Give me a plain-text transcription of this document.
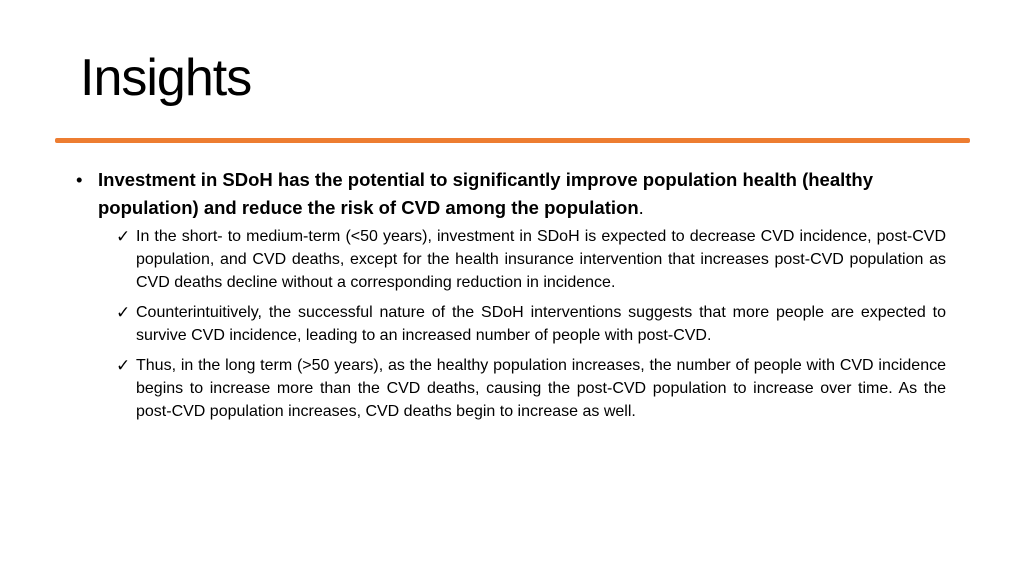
Insights
• Investment in SDoH has the potential to significantly improve population health (healthy population) and reduce the risk of CVD among the population.
✓ In the short- to medium-term (<50 years), investment in SDoH is expected to decrease CVD incidence, post-CVD population, and CVD deaths, except for the health insurance intervention that increases post-CVD population as CVD deaths decline without a corresponding reduction in incidence.
✓ Counterintuitively, the successful nature of the SDoH interventions suggests that more people are expected to survive CVD incidence, leading to an increased number of people with post-CVD.
✓ Thus, in the long term (>50 years), as the healthy population increases, the number of people with CVD incidence begins to increase more than the CVD deaths, causing the post-CVD population to increase over time. As the post-CVD population increases, CVD deaths begin to increase as well.
